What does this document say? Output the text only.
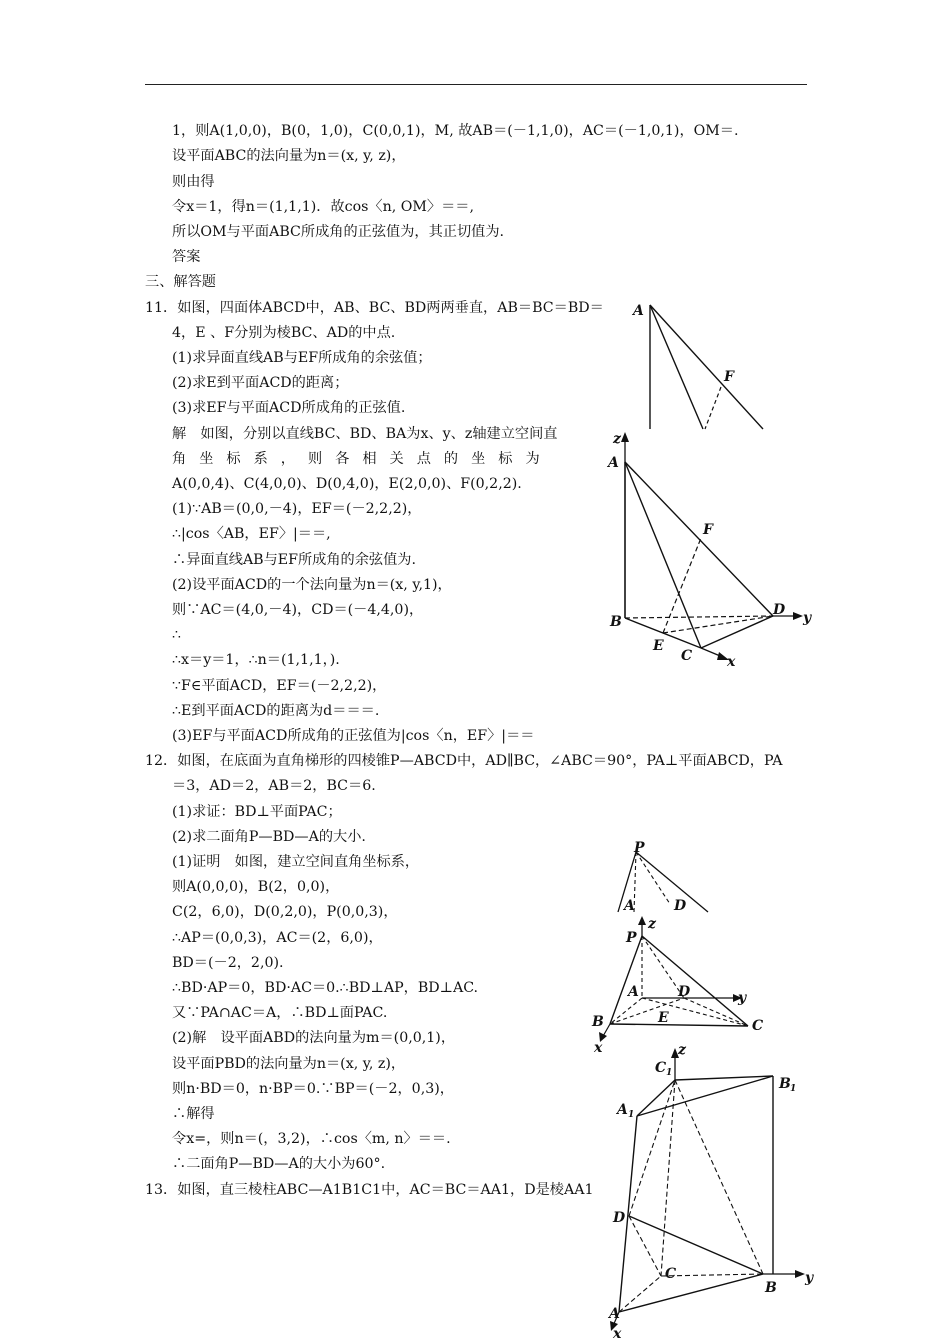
1，则A(1,0,0)，B(0，1,0)，C(0,0,1)，M, 故AB＝(－1,1,0)，AC＝(－1,0,1)，OM＝.
设平面ABC的法向量为n＝(x, y, z)，
则由得
令x＝1，得n＝(1,1,1)．故cos〈n, OM〉＝＝,
所以OM与平面ABC所成角的正弦值为，其正切值为.
答案
三、解答题
11．如图，四面体ABCD中，AB、BC、BD两两垂直，AB＝BC＝BD＝
4，E 、F分别为棱BC、AD的中点.
(1)求异面直线AB与EF所成角的余弦值；
(2)求E到平面ACD的距离；
(3)求EF与平面ACD所成角的正弦值.
解　如图，分别以直线BC、BD、BA为x、y、z轴建立空间直
角坐标系，则各相关点的坐标为
A(0,0,4)、C(4,0,0)、D(0,4,0)，E(2,0,0)、F(0,2,2).
(1)∵AB＝(0,0,－4)，EF＝(－2,2,2)，
∴|cos〈AB，EF〉|＝＝,
∴异面直线AB与EF所成角的余弦值为.
(2)设平面ACD的一个法向量为n＝(x, y,1)，
则∵AC＝(4,0,－4)，CD＝(－4,4,0)，
∴
∴x＝y＝1，∴n＝(1,1,1，).
∵F∈平面ACD，EF＝(－2,2,2)，
∴E到平面ACD的距离为d＝＝＝.
(3)EF与平面ACD所成角的正弦值为|cos〈n，EF〉|＝＝
12．如图，在底面为直角梯形的四棱锥P—ABCD中，AD∥BC，∠ABC＝90°，PA⊥平面ABCD，PA
＝3，AD＝2，AB＝2，BC＝6.
(1)求证：BD⊥平面PAC；
(2)求二面角P—BD—A的大小.
(1)证明　如图，建立空间直角坐标系，
则A(0,0,0)，B(2，0,0)，
C(2，6,0)，D(0,2,0)，P(0,0,3)，
∴AP＝(0,0,3)，AC＝(2，6,0)，
BD＝(－2，2,0).
∴BD·AP＝0，BD·AC＝0.∴BD⊥AP，BD⊥AC.
又∵PA∩AC＝A，∴BD⊥面PAC.
(2)解　设平面ABD的法向量为m＝(0,0,1)，
设平面PBD的法向量为n＝(x, y, z)，
则n·BD＝0，n·BP＝0.∵BP＝(－2，0,3)，
∴解得
令x=，则n＝(，3,2)，∴cos〈m, n〉＝＝.
∴二面角P—BD—A的大小为60°.
13．如图，直三棱柱ABC—A1B1C1中，AC＝BC＝AA1，D是棱AA1
A
F
z
A
F
B
D y
E
C x
P
A	D
P
z
A	D	y
B	E	C
x
C 1
z
B 1
A 1
D
C
B
y
A
x
